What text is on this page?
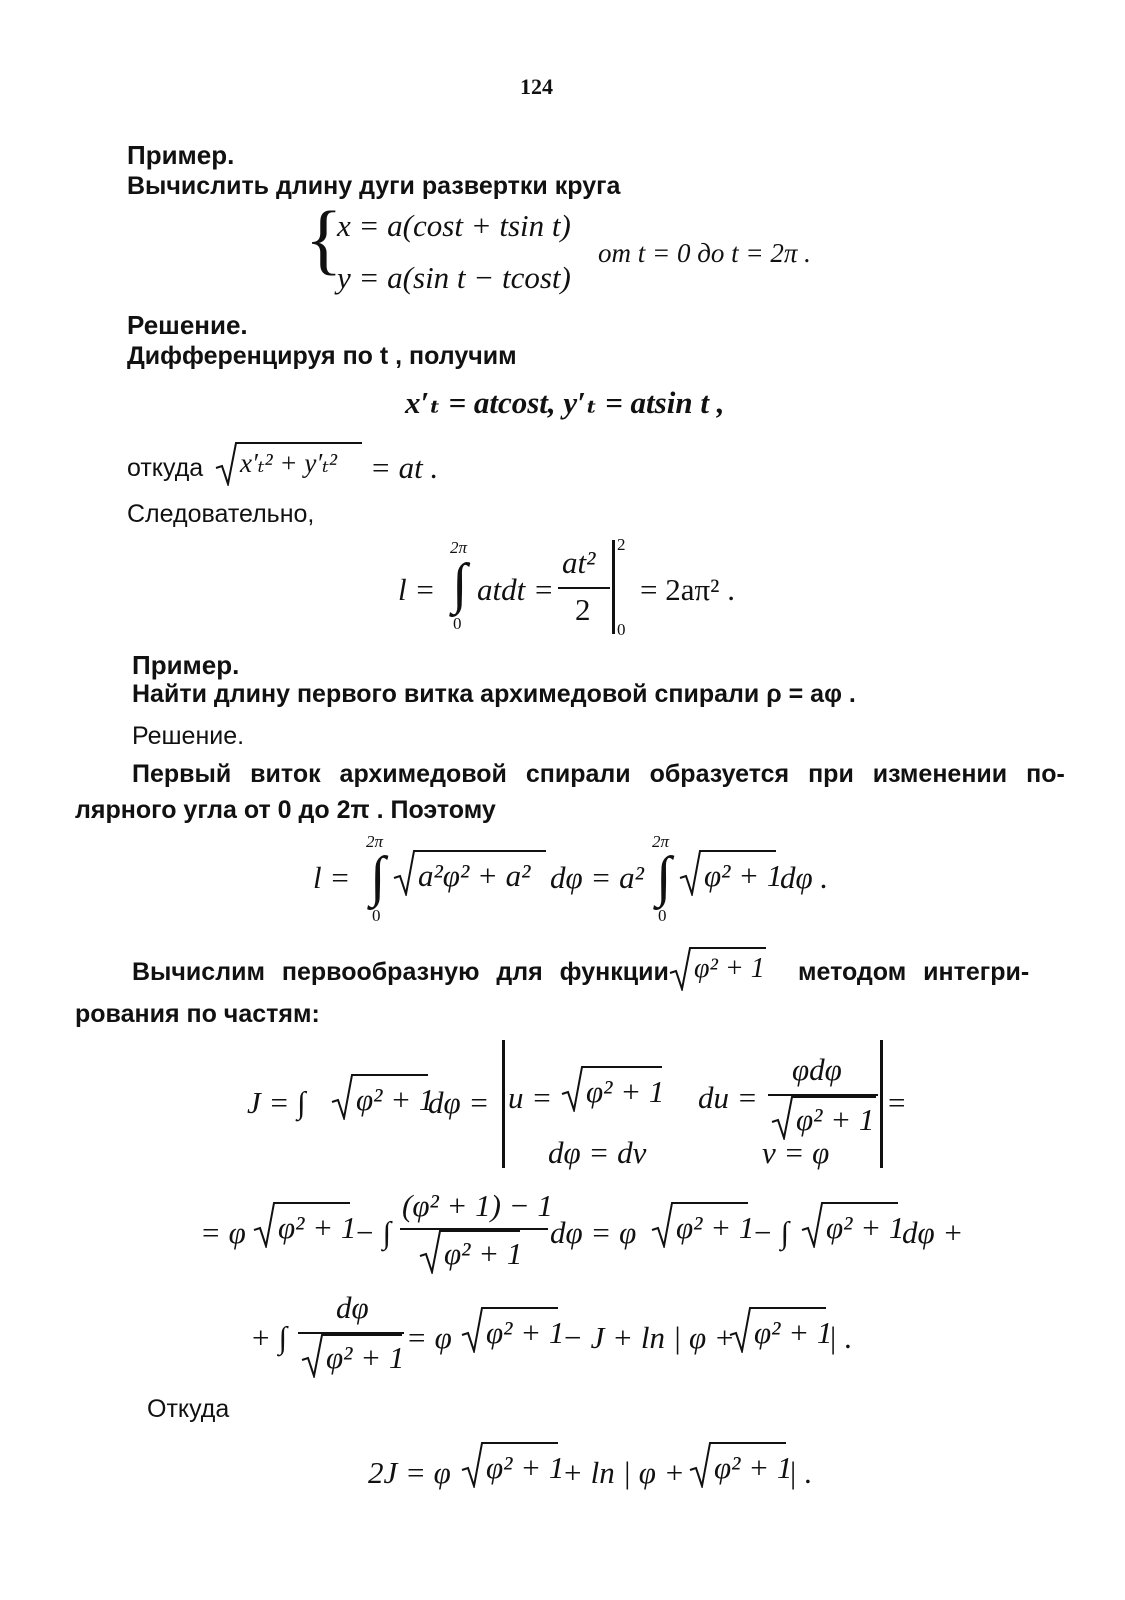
124
Пример.
Вычислить длину дуги развертки круга
{
x = a(cost + tsin t)
y = a(sin t − tcost)
от t = 0 до t = 2π .
Решение.
Дифференцируя по t , получим
x′ₜ = atcost, y′ₜ = atsin t ,
откуда x′ₜ² + y′ₜ² = at .
Следовательно,
l =
2π
∫
0
atdt =
at²
2
2
0
= 2aπ² .
Пример.
Найти длину первого витка архимедовой спирали ρ = aφ .
Решение.
Первый виток архимедовой спирали образуется при изменении по-
лярного угла от 0 до 2π . Поэтому
l =
2π
∫
0
a²φ² + a² dφ = a²
2π
∫
0
φ² + 1
dφ .
Вычислим первообразную для функции φ² + 1 методом интегри-
рования по частям:
J = ∫ φ² + 1
dφ = u = φ² + 1 du =
φdφ
φ² + 1
dφ = dv	v = φ
=
= φ φ² + 1
− ∫
(φ² + 1) − 1
φ² + 1
dφ = φ φ² + 1
− ∫ φ² + 1
dφ +
+ ∫
dφ
φ² + 1
= φ φ² + 1
− J + ln | φ + φ² + 1
| .
Откуда
2J = φ φ² + 1
+ ln | φ + φ² + 1
| .
